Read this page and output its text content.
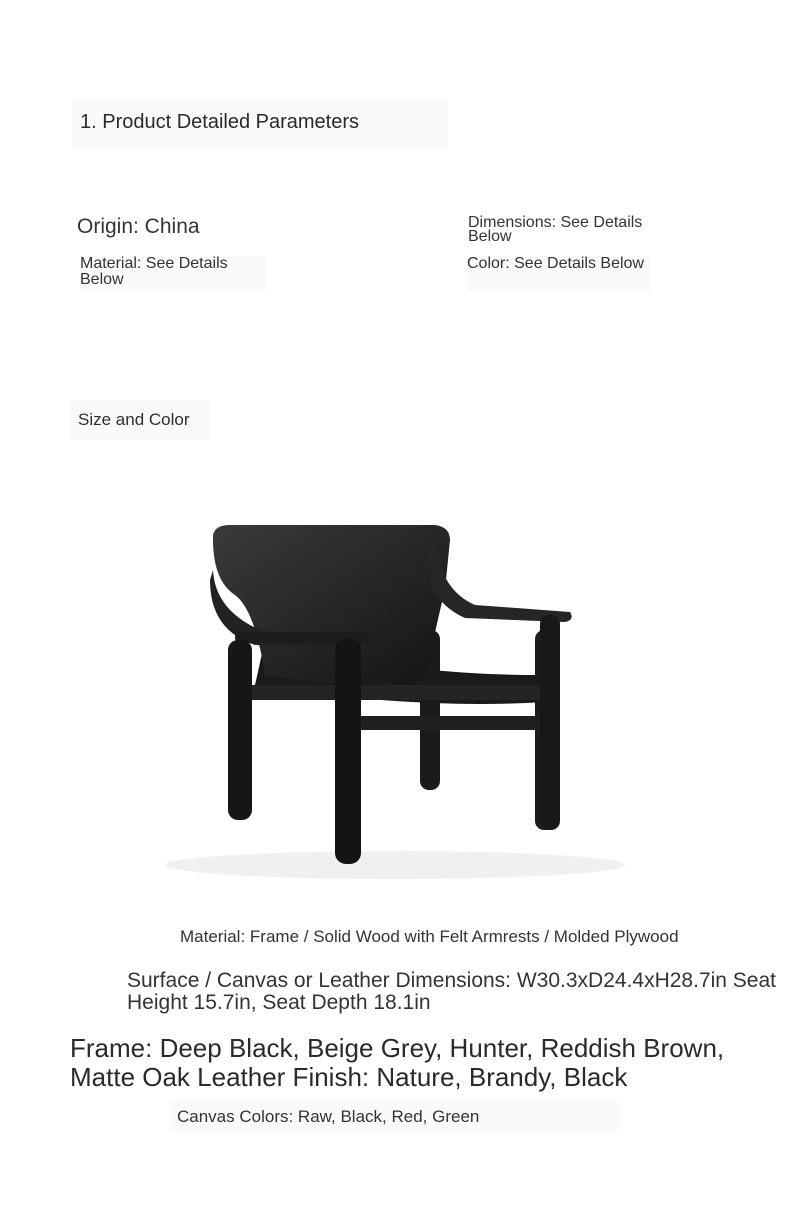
1. Product Detailed Parameters
Origin: China	Dimensions: See Details Below
Material: See Details Below
Color: See Details Below
Size and Color
Material: Frame / Solid Wood with Felt Armrests / Molded Plywood
Surface / Canvas or Leather Dimensions: W30.3xD24.4xH28.7in Seat Height 15.7in, Seat Depth 18.1in
Frame: Deep Black, Beige Grey, Hunter, Reddish Brown, Matte Oak Leather Finish: Nature, Brandy, Black
Canvas Colors: Raw, Black, Red, Green
